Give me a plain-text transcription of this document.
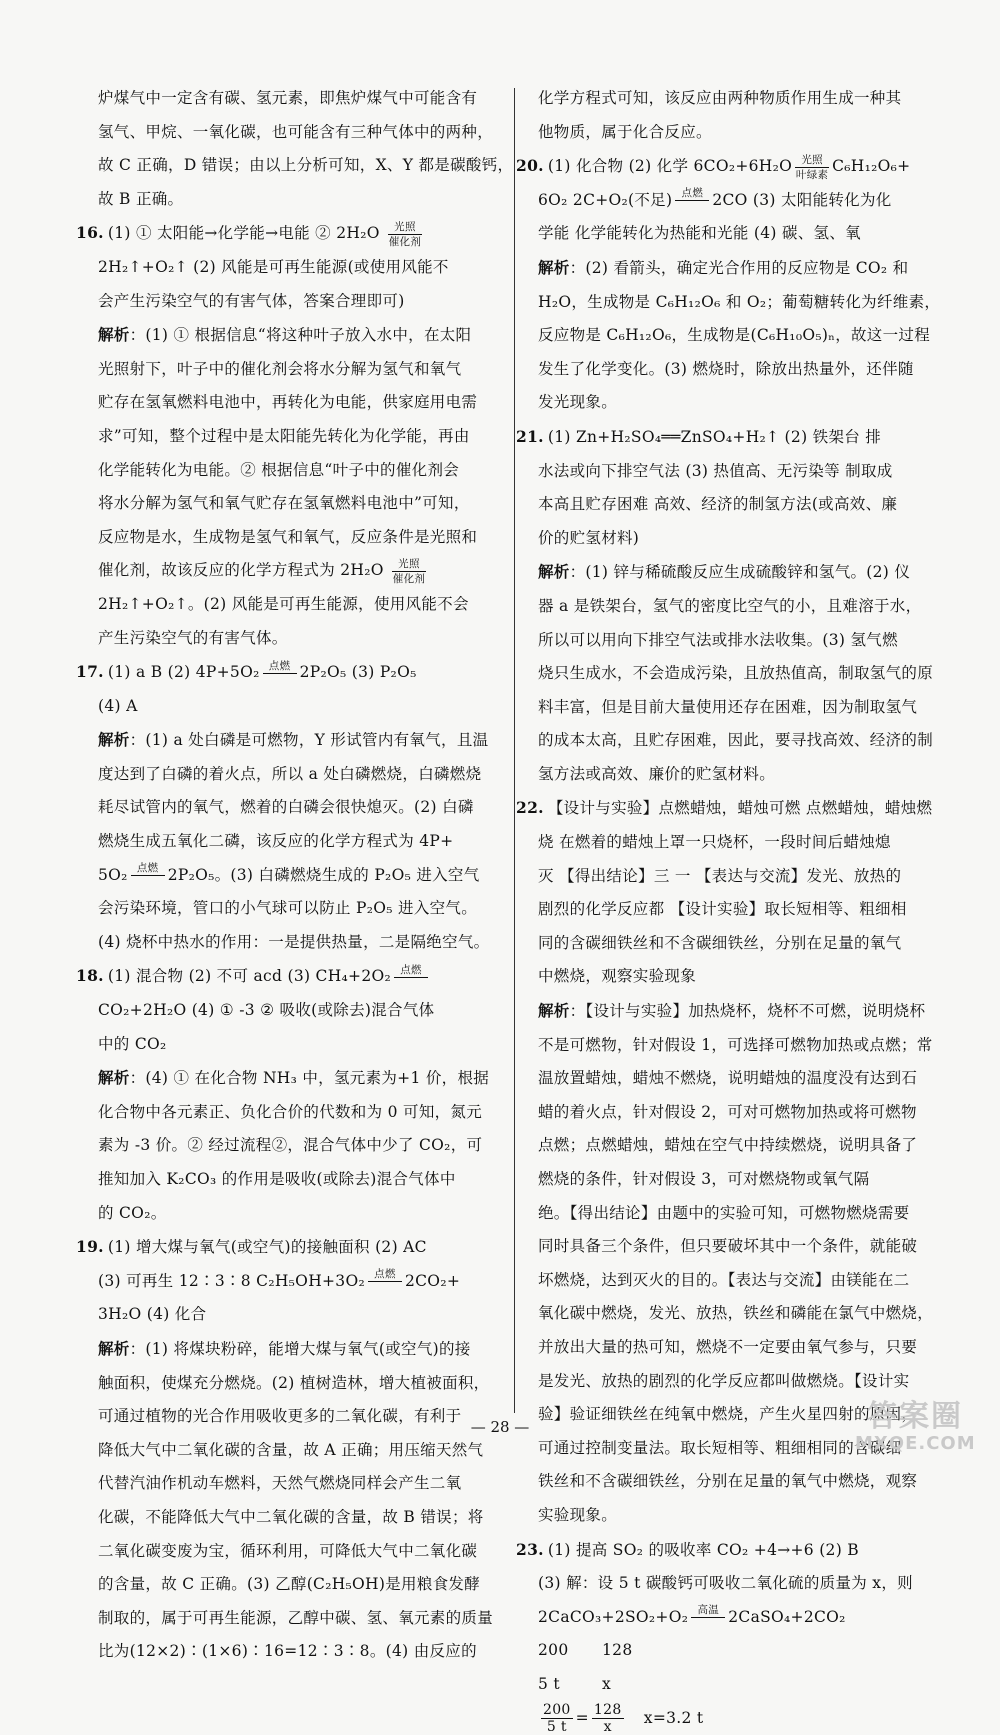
炉煤气中一定含有碳、氢元素，即焦炉煤气中可能含有
氢气、甲烷、一氧化碳，也可能含有三种气体中的两种，
故 C 正确，D 错误；由以上分析可知，X、Y 都是碳酸钙，
故 B 正确。
16. (1) ① 太阳能→化学能→电能 ② 2H₂O	光照
催化剂
2H₂↑+O₂↑ (2) 风能是可再生能源(或使用风能不
会产生污染空气的有害气体，答案合理即可)
解析：(1) ① 根据信息“将这种叶子放入水中，在太阳
光照射下，叶子中的催化剂会将水分解为氢气和氧气
贮存在氢氧燃料电池中，再转化为电能，供家庭用电需
求”可知，整个过程中是太阳能先转化为化学能，再由
化学能转化为电能。② 根据信息“叶子中的催化剂会
将水分解为氢气和氧气贮存在氢氧燃料电池中”可知，
反应物是水，生成物是氢气和氧气，反应条件是光照和
催化剂，故该反应的化学方程式为 2H₂O	光照
催化剂
2H₂↑+O₂↑。(2) 风能是可再生能源，使用风能不会
产生污染空气的有害气体。
17. (1) a B (2) 4P+5O₂ 点燃
2P₂O₅ (3) P₂O₅
(4) A
解析：(1) a 处白磷是可燃物，Y 形试管内有氧气，且温
度达到了白磷的着火点，所以 a 处白磷燃烧，白磷燃烧
耗尽试管内的氧气，燃着的白磷会很快熄灭。(2) 白磷
燃烧生成五氧化二磷，该反应的化学方程式为 4P+
5O₂ 点燃
2P₂O₅。(3) 白磷燃烧生成的 P₂O₅ 进入空气
会污染环境，管口的小气球可以防止 P₂O₅ 进入空气。
(4) 烧杯中热水的作用：一是提供热量，二是隔绝空气。
18. (1) 混合物 (2) 不可 acd (3) CH₄+2O₂ 点燃

CO₂+2H₂O (4) ① -3 ② 吸收(或除去)混合气体
中的 CO₂
解析：(4) ① 在化合物 NH₃ 中，氢元素为+1 价，根据
化合物中各元素正、负化合价的代数和为 0 可知，氮元
素为 -3 价。② 经过流程②，混合气体中少了 CO₂，可
推知加入 K₂CO₃ 的作用是吸收(或除去)混合气体中
的 CO₂。
19. (1) 增大煤与氧气(或空气)的接触面积 (2) AC
(3) 可再生 12∶3∶8 C₂H₅OH+3O₂ 点燃
2CO₂+
3H₂O (4) 化合
解析：(1) 将煤块粉碎，能增大煤与氧气(或空气)的接
触面积，使煤充分燃烧。(2) 植树造林，增大植被面积，
可通过植物的光合作用吸收更多的二氧化碳，有利于
降低大气中二氧化碳的含量，故 A 正确；用压缩天然气
代替汽油作机动车燃料，天然气燃烧同样会产生二氧
化碳，不能降低大气中二氧化碳的含量，故 B 错误；将
二氧化碳变废为宝，循环利用，可降低大气中二氧化碳
的含量，故 C 正确。(3) 乙醇(C₂H₅OH)是用粮食发酵
制取的，属于可再生能源，乙醇中碳、氢、氧元素的质量
比为(12×2)∶(1×6)∶16=12∶3∶8。(4) 由反应的
化学方程式可知，该反应由两种物质作用生成一种其
他物质，属于化合反应。
20. (1) 化合物 (2) 化学 6CO₂+6H₂O 光照
叶绿素 C₆H₁₂O₆+
6O₂ 2C+O₂(不足) 点燃
2CO (3) 太阳能转化为化
学能 化学能转化为热能和光能 (4) 碳、氢、氧
解析：(2) 看箭头，确定光合作用的反应物是 CO₂ 和
H₂O，生成物是 C₆H₁₂O₆ 和 O₂；葡萄糖转化为纤维素，
反应物是 C₆H₁₂O₆，生成物是(C₆H₁₀O₅)ₙ，故这一过程
发生了化学变化。(3) 燃烧时，除放出热量外，还伴随
发光现象。
21. (1) Zn+H₂SO₄══ZnSO₄+H₂↑ (2) 铁架台 排
水法或向下排空气法 (3) 热值高、无污染等 制取成
本高且贮存困难 高效、经济的制氢方法(或高效、廉
价的贮氢材料)
解析：(1) 锌与稀硫酸反应生成硫酸锌和氢气。(2) 仪
器 a 是铁架台，氢气的密度比空气的小，且难溶于水，
所以可以用向下排空气法或排水法收集。(3) 氢气燃
烧只生成水，不会造成污染，且放热值高，制取氢气的原
料丰富，但是目前大量使用还存在困难，因为制取氢气
的成本太高，且贮存困难，因此，要寻找高效、经济的制
氢方法或高效、廉价的贮氢材料。
22. 【设计与实验】点燃蜡烛，蜡烛可燃 点燃蜡烛，蜡烛燃
烧 在燃着的蜡烛上罩一只烧杯，一段时间后蜡烛熄
灭 【得出结论】三 一 【表达与交流】发光、放热的
剧烈的化学反应都 【设计实验】取长短相等、粗细相
同的含碳细铁丝和不含碳细铁丝，分别在足量的氧气
中燃烧，观察实验现象
解析：【设计与实验】加热烧杯，烧杯不可燃，说明烧杯
不是可燃物，针对假设 1，可选择可燃物加热或点燃；常
温放置蜡烛，蜡烛不燃烧，说明蜡烛的温度没有达到石
蜡的着火点，针对假设 2，可对可燃物加热或将可燃物
点燃；点燃蜡烛，蜡烛在空气中持续燃烧，说明具备了
燃烧的条件，针对假设 3，可对燃烧物或氧气隔
绝。【得出结论】由题中的实验可知，可燃物燃烧需要
同时具备三个条件，但只要破坏其中一个条件，就能破
坏燃烧，达到灭火的目的。【表达与交流】由镁能在二
氧化碳中燃烧，发光、放热，铁丝和磷能在氯气中燃烧，
并放出大量的热可知，燃烧不一定要由氧气参与，只要
是发光、放热的剧烈的化学反应都叫做燃烧。【设计实
验】验证细铁丝在纯氧中燃烧，产生火星四射的原因，
可通过控制变量法。取长短相等、粗细相同的含碳细
铁丝和不含碳细铁丝，分别在足量的氧气中燃烧，观察
实验现象。
23. (1) 提高 SO₂ 的吸收率 CO₂ +4→+6 (2) B
(3) 解：设 5 t 碳酸钙可吸收二氧化硫的质量为 x，则
2CaCO₃+2SO₂+O₂ 高温
2CaSO₄+2CO₂
200 128
5 t	x
$\frac{200}{5 t} = \frac{128}{x} x=3.2$ t
— 28 —	答案圈
MXQE.COM
